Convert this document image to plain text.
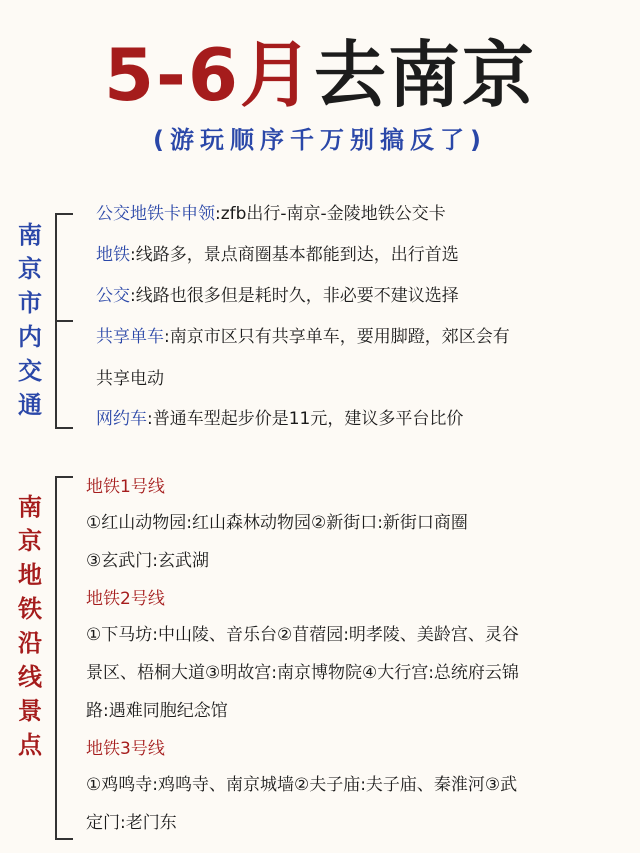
5-6月去南京
(游玩顺序千万别搞反了)
南
京
市
内
交
通
公交地铁卡申领:zfb出行-南京-金陵地铁公交卡
地铁:线路多，景点商圈基本都能到达，出行首选
公交:线路也很多但是耗时久，非必要不建议选择
共享单车:南京市区只有共享单车，要用脚蹬，郊区会有
共享电动
网约车:普通车型起步价是11元，建议多平台比价
南
京
地
铁
沿
线
景
点
地铁1号线
①红山动物园:红山森林动物园②新街口:新街口商圈
③玄武门:玄武湖
地铁2号线
①下马坊:中山陵、音乐台②苜蓿园:明孝陵、美龄宫、灵谷
景区、梧桐大道③明故宫:南京博物院④大行宫:总统府云锦
路:遇难同胞纪念馆
地铁3号线
①鸡鸣寺:鸡鸣寺、南京城墙②夫子庙:夫子庙、秦淮河③武
定门:老门东
